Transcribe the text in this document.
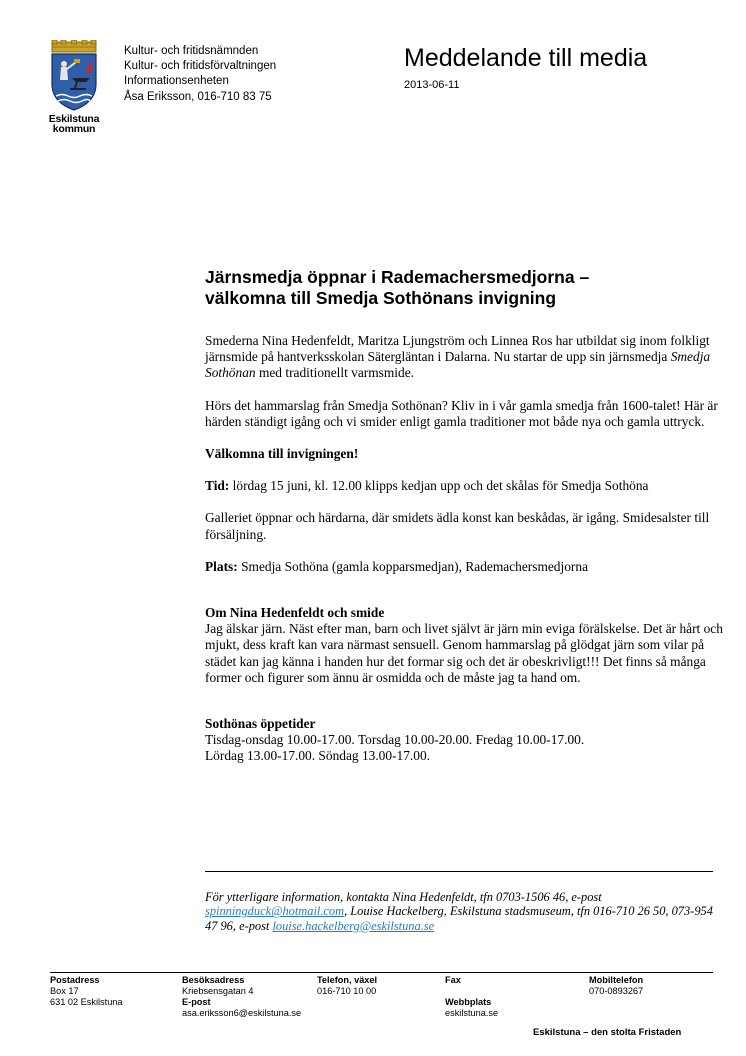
Eskilstuna
kommun
Kultur- och fritidsnämnden
Kultur- och fritidsförvaltningen
Informationsenheten
Åsa Eriksson, 016-710 83 75
Meddelande till media
2013-06-11
Järnsmedja öppnar i Rademachersmedjorna –
välkomna till Smedja Sothönans invigning

Smederna Nina Hedenfeldt, Maritza Ljungström och Linnea Ros har utbildat sig inom folkligt järnsmide på hantverksskolan Sätergläntan i Dalarna. Nu startar de upp sin järnsmedja Smedja Sothönan med traditionellt varmsmide.

Hörs det hammarslag från Smedja Sothönan? Kliv in i vår gamla smedja från 1600-talet! Här är härden ständigt igång och vi smider enligt gamla traditioner mot både nya och gamla uttryck.

Välkomna till invigningen!

Tid: lördag 15 juni, kl. 12.00 klipps kedjan upp och det skålas för Smedja Sothöna

Galleriet öppnar och härdarna, där smidets ädla konst kan beskådas, är igång. Smidesalster till försäljning.

Plats: Smedja Sothöna (gamla kopparsmedjan), Rademachersmedjorna

Om Nina Hedenfeldt och smide

Jag älskar järn. Näst efter man, barn och livet självt är järn min eviga förälskelse. Det är hårt och mjukt, dess kraft kan vara närmast sensuell. Genom hammarslag på glödgat järn som vilar på städet kan jag känna i handen hur det formar sig och det är obeskrivligt!!! Det finns så många former och figurer som ännu är osmidda och de måste jag ta hand om.

Sothönas öppetider

Tisdag-onsdag 10.00-17.00. Torsdag 10.00-20.00. Fredag 10.00-17.00.

Lördag 13.00-17.00. Söndag 13.00-17.00.

För ytterligare information, kontakta Nina Hedenfeldt, tfn 0703-1506 46, e-post spinningduck@hotmail.com, Louise Hackelberg, Eskilstuna stadsmuseum, tfn 016-710 26 50, 073-954 47 96, e-post louise.hackelberg@eskilstuna.se
Postadress
Box 17
631 02 Eskilstuna
Besöksadress
Kriebsensgatan 4
E-post
asa.eriksson6@eskilstuna.se
Telefon, växel
016-710 10 00
Fax

Webbplats
eskilstuna.se
Mobiltelefon
070-0893267
Eskilstuna – den stolta Fristaden
